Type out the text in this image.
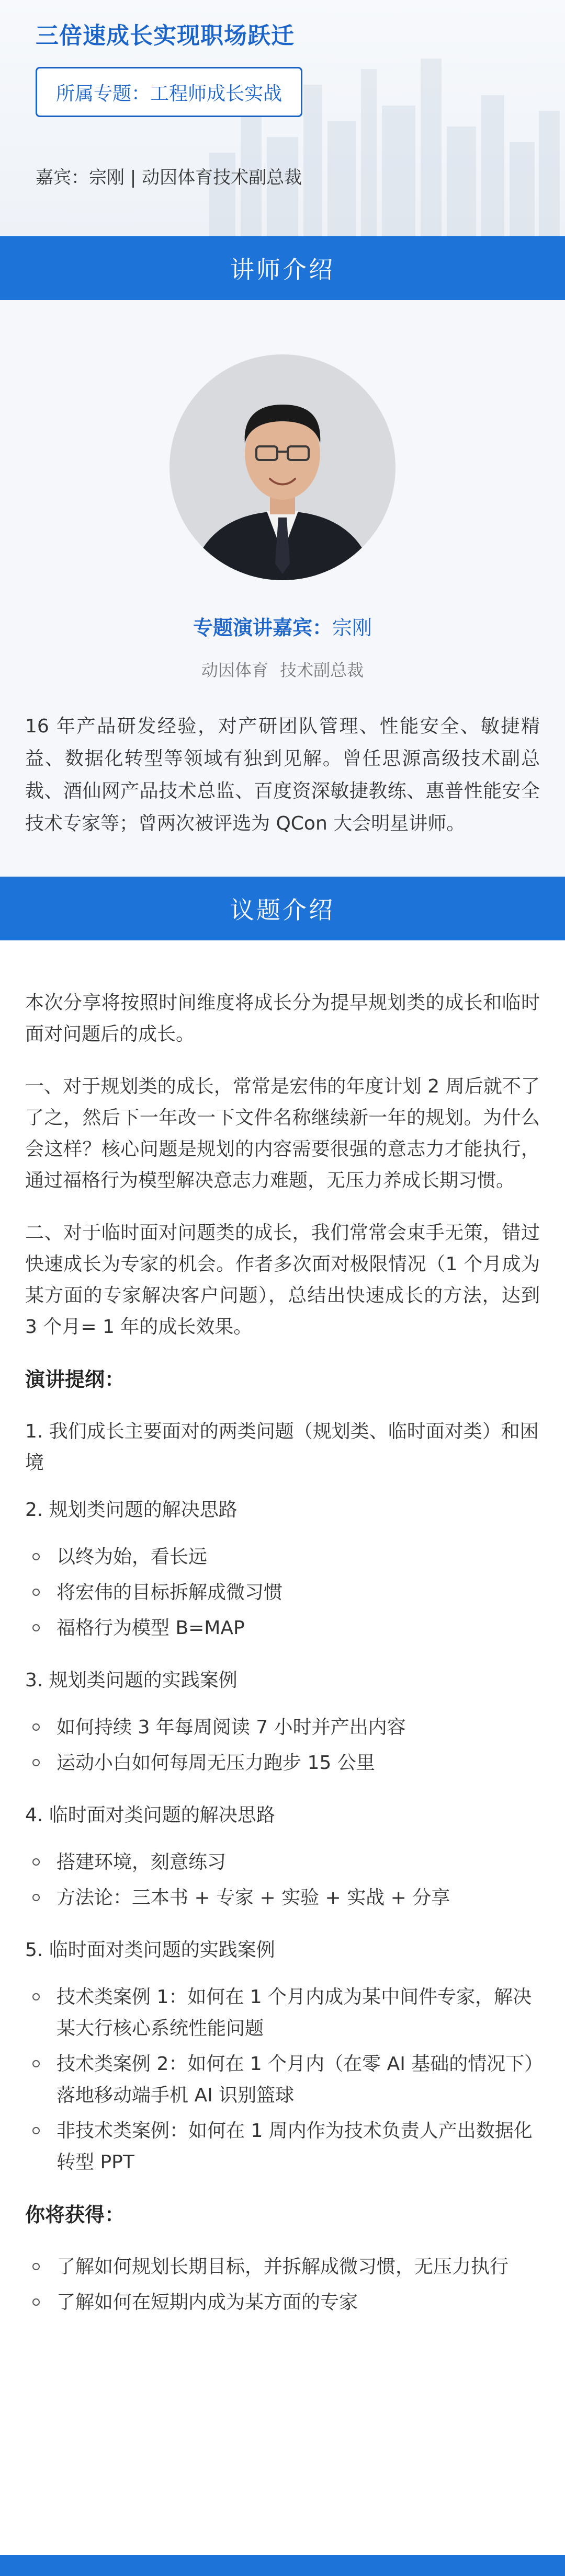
三倍速成长实现职场跃迁
所属专题：工程师成长实战
嘉宾：宗刚 | 动因体育技术副总裁
讲师介绍
专题演讲嘉宾：宗刚
动因体育 技术副总裁
16 年产品研发经验，对产研团队管理、性能安全、敏捷精益、数据化转型等领域有独到见解。曾任思源高级技术副总裁、酒仙网产品技术总监、百度资深敏捷教练、惠普性能安全技术专家等；曾两次被评选为 QCon 大会明星讲师。
议题介绍

本次分享将按照时间维度将成长分为提早规划类的成长和临时面对问题后的成长。

一、对于规划类的成长，常常是宏伟的年度计划 2 周后就不了了之，然后下一年改一下文件名称继续新一年的规划。为什么会这样？核心问题是规划的内容需要很强的意志力才能执行，通过福格行为模型解决意志力难题，无压力养成长期习惯。

二、对于临时面对问题类的成长，我们常常会束手无策，错过快速成长为专家的机会。作者多次面对极限情况（1 个月成为某方面的专家解决客户问题），总结出快速成长的方法，达到 3 个月= 1 年的成长效果。

演讲提纲：
1. 我们成长主要面对的两类问题（规划类、临时面对类）和困境
2. 规划类问题的解决思路
以终为始，看长远
将宏伟的目标拆解成微习惯
福格行为模型 B=MAP
3. 规划类问题的实践案例
如何持续 3 年每周阅读 7 小时并产出内容
运动小白如何每周无压力跑步 15 公里
4. 临时面对类问题的解决思路
搭建环境，刻意练习
方法论：三本书 + 专家 + 实验 + 实战 + 分享
5. 临时面对类问题的实践案例
技术类案例 1：如何在 1 个月内成为某中间件专家，解决某大行核心系统性能问题
技术类案例 2：如何在 1 个月内（在零 AI 基础的情况下）落地移动端手机 AI 识别篮球
非技术类案例：如何在 1 周内作为技术负责人产出数据化转型 PPT
你将获得：
了解如何规划长期目标，并拆解成微习惯，无压力执行
了解如何在短期内成为某方面的专家
